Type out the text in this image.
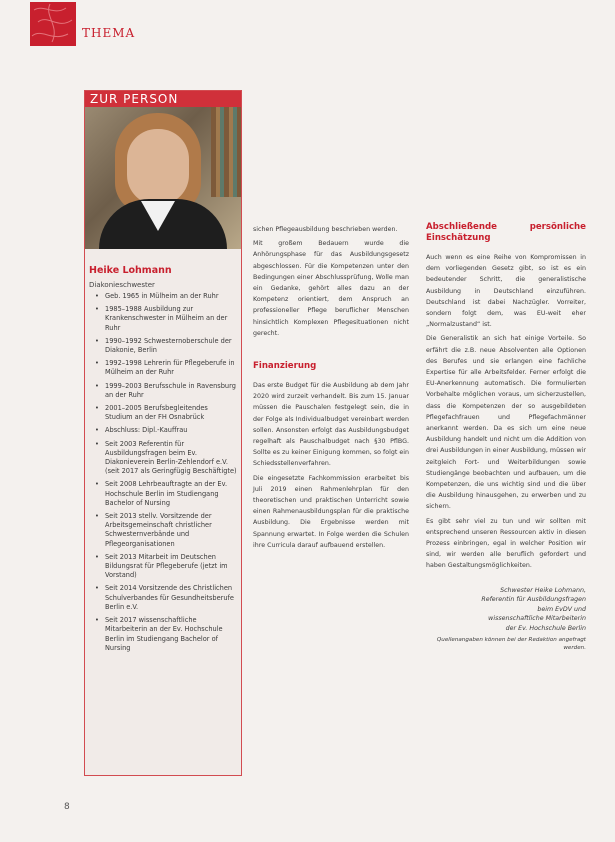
THEMA
ZUR PERSON
Heike Lohmann
Diakonieschwester
• Geb. 1965 in Mülheim an der Ruhr
• 1985–1988 Ausbildung zur Krankenschwester in Mülheim an der Ruhr
• 1990–1992 Schwesternoberschule der Diakonie, Berlin
• 1992–1998 Lehrerin für Pflegeberufe in Mülheim an der Ruhr
• 1999–2003 Berufsschule in Ravensburg an der Ruhr
• 2001–2005 Berufsbegleitendes Studium an der FH Osnabrück
• Abschluss: Dipl.-Kauffrau
• Seit 2003 Referentin für Ausbildungsfragen beim Ev. Diakonieverein Berlin-Zehlendorf e.V. (seit 2017 als Geringfügig Beschäftigte)
• Seit 2008 Lehrbeauftragte an der Ev. Hochschule Berlin im Studiengang Bachelor of Nursing
• Seit 2013 stellv. Vorsitzende der Arbeitsgemeinschaft christlicher Schwesternverbände und Pflegeorganisationen
• Seit 2013 Mitarbeit im Deutschen Bildungsrat für Pflegeberufe (jetzt im Vorstand)
• Seit 2014 Vorsitzende des Christlichen Schulverbandes für Gesundheitsberufe Berlin e.V.
• Seit 2017 wissenschaftliche Mitarbeiterin an der Ev. Hochschule Berlin im Studiengang Bachelor of Nursing

sichen Pflegeausbildung beschrieben werden.

Mit großem Bedauern wurde die Anhörungsphase für das Ausbildungsgesetz abgeschlossen. Für die Kompetenzen unter den Bedingungen einer Abschlussprüfung, Wolle man ein Gedanke, gehört alles dazu an der Kompetenz orientiert, dem Anspruch an professioneller Pflege beruflicher Menschen hinsichtlich Komplexen Pflegesituationen nicht gerecht.

Finanzierung

Das erste Budget für die Ausbildung ab dem Jahr 2020 wird zurzeit verhandelt. Bis zum 15. Januar müssen die Pauschalen festgelegt sein, die in der Folge als Individualbudget vereinbart werden sollen. Ansonsten erfolgt das Ausbildungsbudget regelhaft als Pauschalbudget nach §30 PflBG. Sollte es zu keiner Einigung kommen, so folgt ein Schiedsstellenverfahren.

Die eingesetzte Fachkommission erarbeitet bis Juli 2019 einen Rahmenlehrplan für den theoretischen und praktischen Unterricht sowie einen Rahmenausbildungsplan für die praktische Ausbildung. Die Ergebnisse werden mit Spannung erwartet. In Folge werden die Schulen ihre Curricula darauf aufbauend erstellen.

Abschließende persönliche Einschätzung

Auch wenn es eine Reihe von Kompromissen in dem vorliegenden Gesetz gibt, so ist es ein bedeutender Schritt, die generalistische Ausbildung in Deutschland einzuführen. Deutschland ist dabei Nachzügler. Vorreiter, sondern folgt dem, was EU-weit eher „Normalzustand“ ist.

Die Generalistik an sich hat einige Vorteile. So erfährt die z.B. neue Absolventen alle Optionen des Berufes und sie erlangen eine fachliche Expertise für alle Arbeitsfelder. Ferner erfolgt die EU-Anerkennung automatisch. Die formulierten Vorbehalte möglichen voraus, um sicherzustellen, dass die Kompetenzen der so ausgebildeten Pflegefachfrauen und Pflegefachmänner anerkannt werden. Da es sich um eine neue Ausbildung handelt und nicht um die Addition von drei Ausbildungen in einer Ausbildung, müssen wir zeitgleich Fort- und Weiterbildungen sowie Studiengänge beobachten und aufbauen, um die Kompetenzen, die uns wichtig sind und die über die Ausbildung hinausgehen, zu erwerben und zu sichern.

Es gibt sehr viel zu tun und wir sollten mit entsprechend unseren Ressourcen aktiv in diesen Prozess einbringen, egal in welcher Position wir sind, wir werden alle beruflich gefordert und haben Gestaltungsmöglichkeiten.

Schwester Heike Lohmann,
Referentin für Ausbildungsfragen
beim EvDV und
wissenschaftliche Mitarbeiterin
der Ev. Hochschule Berlin
Quellenangaben können bei der Redaktion angefragt werden.
8
